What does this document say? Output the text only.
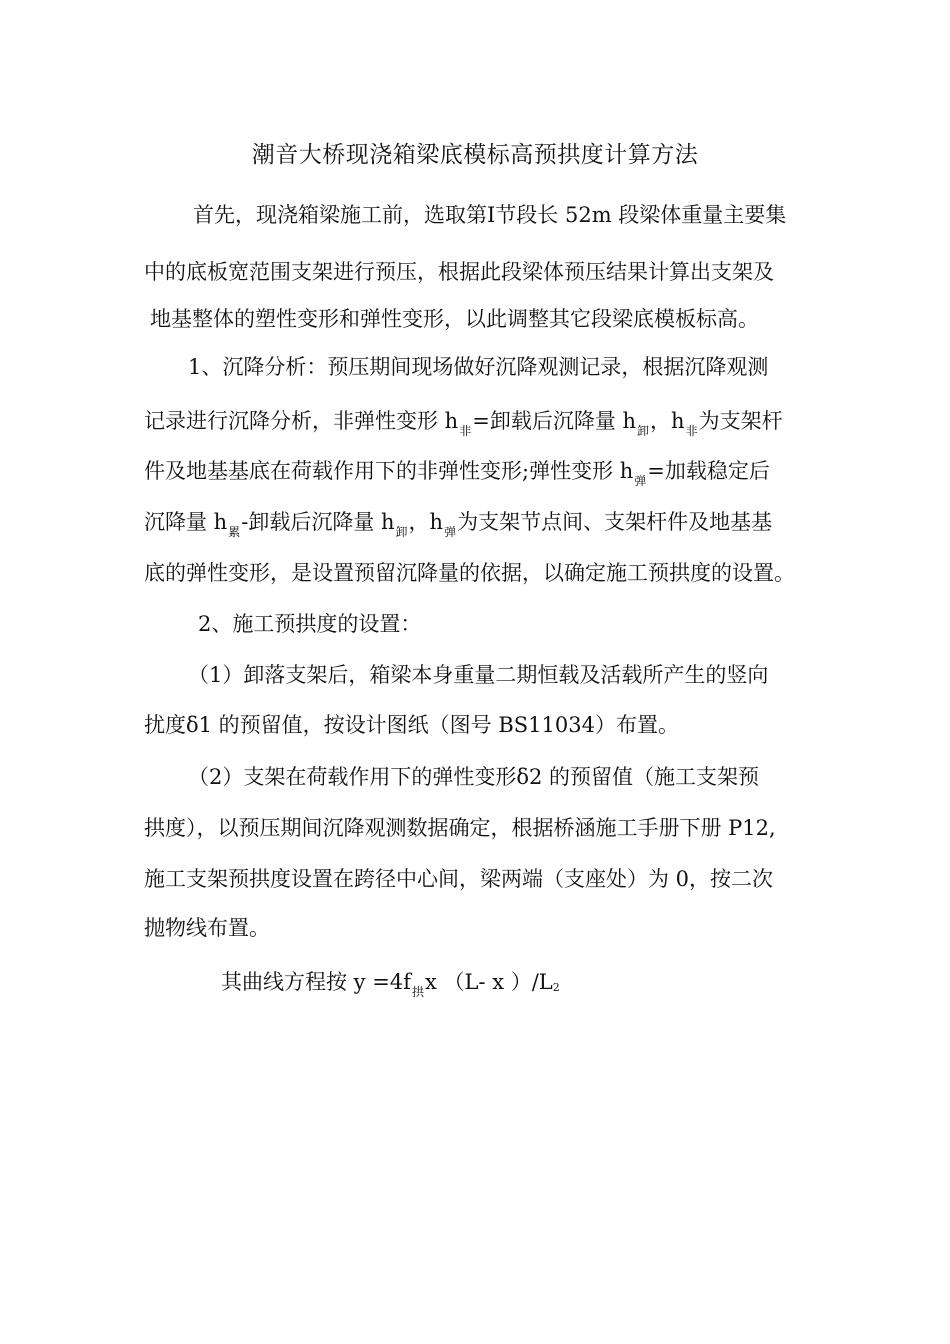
潮音大桥现浇箱梁底模标高预拱度计算方法
首先，现浇箱梁施工前，选取第Ⅰ节段长 52m 段梁体重量主要集
中的底板宽范围支架进行预压，根据此段梁体预压结果计算出支架及
地基整体的塑性变形和弹性变形，以此调整其它段梁底模板标高。
1、沉降分析：预压期间现场做好沉降观测记录，根据沉降观测
记录进行沉降分析，非弹性变形 $h_非=$卸载后沉降量 $h_卸$，$h_非$为支架杆
件及地基基底在荷载作用下的非弹性变形;弹性变形 $h_弹=$加载稳定后
沉降量 $h_累-$卸载后沉降量 $h_卸$，$h_弹$为支架节点间、支架杆件及地基基
底的弹性变形，是设置预留沉降量的依据，以确定施工预拱度的设置。
2、施工预拱度的设置：
（1）卸落支架后，箱梁本身重量二期恒载及活载所产生的竖向
扰度δ1 的预留值，按设计图纸（图号 BS11034）布置。
（2）支架在荷载作用下的弹性变形δ2 的预留值（施工支架预
拱度），以预压期间沉降观测数据确定，根据桥涵施工手册下册 P12,
施工支架预拱度设置在跨径中心间，梁两端（支座处）为 0，按二次
抛物线布置。
其曲线方程按 $y =4f_拱x$ （L- x ）/L2
